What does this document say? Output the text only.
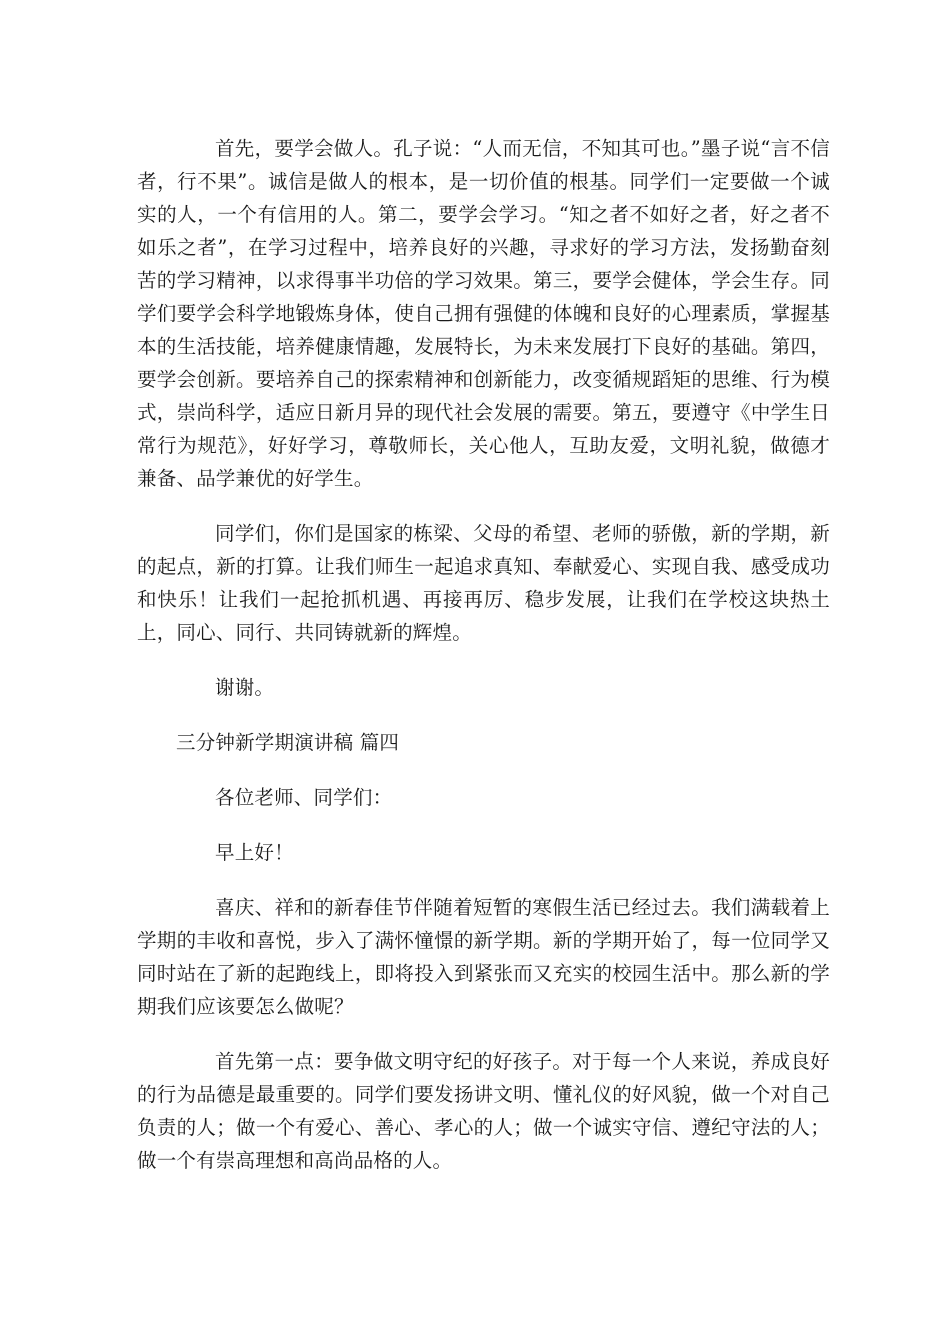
首先，要学会做人。孔子说：“人而无信，不知其可也。”墨子说“言不信者，行不果”。诚信是做人的根本，是一切价值的根基。同学们一定要做一个诚实的人，一个有信用的人。第二，要学会学习。“知之者不如好之者，好之者不如乐之者”，在学习过程中，培养良好的兴趣，寻求好的学习方法，发扬勤奋刻苦的学习精神，以求得事半功倍的学习效果。第三，要学会健体，学会生存。同学们要学会科学地锻炼身体，使自己拥有强健的体魄和良好的心理素质，掌握基本的生活技能，培养健康情趣，发展特长，为未来发展打下良好的基础。第四，要学会创新。要培养自己的探索精神和创新能力，改变循规蹈矩的思维、行为模式，崇尚科学，适应日新月异的现代社会发展的需要。第五，要遵守《中学生日常行为规范》，好好学习，尊敬师长，关心他人，互助友爱，文明礼貌，做德才兼备、品学兼优的好学生。

同学们，你们是国家的栋梁、父母的希望、老师的骄傲，新的学期，新的起点，新的打算。让我们师生一起追求真知、奉献爱心、实现自我、感受成功和快乐！让我们一起抢抓机遇、再接再厉、稳步发展，让我们在学校这块热土上，同心、同行、共同铸就新的辉煌。

谢谢。

三分钟新学期演讲稿 篇四

各位老师、同学们：

早上好！

喜庆、祥和的新春佳节伴随着短暂的寒假生活已经过去。我们满载着上学期的丰收和喜悦，步入了满怀憧憬的新学期。新的学期开始了，每一位同学又同时站在了新的起跑线上，即将投入到紧张而又充实的校园生活中。那么新的学期我们应该要怎么做呢？

首先第一点：要争做文明守纪的好孩子。对于每一个人来说，养成良好的行为品德是最重要的。同学们要发扬讲文明、懂礼仪的好风貌，做一个对自己负责的人；做一个有爱心、善心、孝心的人；做一个诚实守信、遵纪守法的人；做一个有崇高理想和高尚品格的人。
